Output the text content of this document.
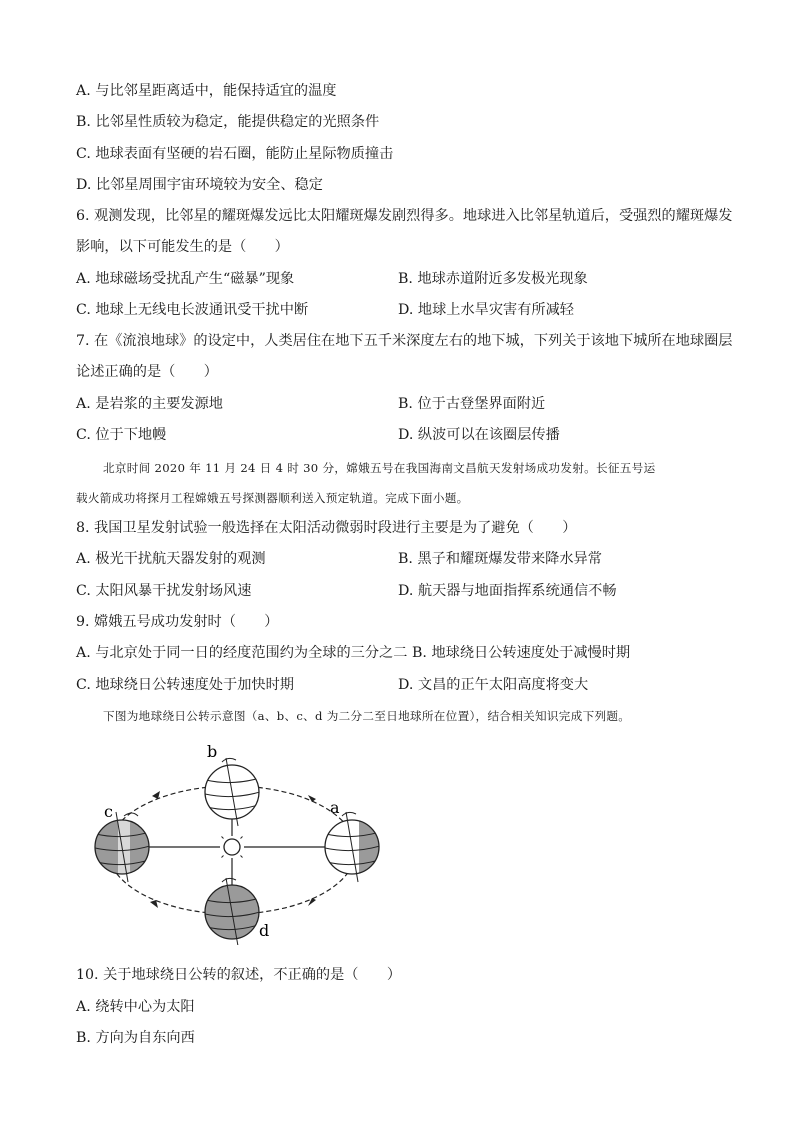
A. 与比邻星距离适中，能保持适宜的温度
B. 比邻星性质较为稳定，能提供稳定的光照条件
C. 地球表面有坚硬的岩石圈，能防止星际物质撞击
D. 比邻星周围宇宙环境较为安全、稳定
6. 观测发现，比邻星的耀斑爆发远比太阳耀斑爆发剧烈得多。地球进入比邻星轨道后，受强烈的耀斑爆发
影响，以下可能发生的是（　　）
A. 地球磁场受扰乱产生“磁暴”现象	B. 地球赤道附近多发极光现象
C. 地球上无线电长波通讯受干扰中断	D. 地球上水旱灾害有所减轻
7. 在《流浪地球》的设定中，人类居住在地下五千米深度左右的地下城，下列关于该地下城所在地球圈层
论述正确的是（　　）
A. 是岩浆的主要发源地	B. 位于古登堡界面附近
C. 位于下地幔	D. 纵波可以在该圈层传播
北京时间 2020 年 11 月 24 日 4 时 30 分，嫦娥五号在我国海南文昌航天发射场成功发射。长征五号运
载火箭成功将探月工程嫦娥五号探测器顺利送入预定轨道。完成下面小题。
8. 我国卫星发射试验一般选择在太阳活动微弱时段进行主要是为了避免（　　）
A. 极光干扰航天器发射的观测	B. 黑子和耀斑爆发带来降水异常
C. 太阳风暴干扰发射场风速	D. 航天器与地面指挥系统通信不畅
9. 嫦娥五号成功发射时（　　）
A. 与北京处于同一日的经度范围约为全球的三分之二 B. 地球绕日公转速度处于减慢时期
C. 地球绕日公转速度处于加快时期	D. 文昌的正午太阳高度将变大
下图为地球绕日公转示意图（a、b、c、d 为二分二至日地球所在位置），结合相关知识完成下列题。
a
b
c
d
10. 关于地球绕日公转的叙述，不正确的是（　　）
A. 绕转中心为太阳
B. 方向为自东向西
